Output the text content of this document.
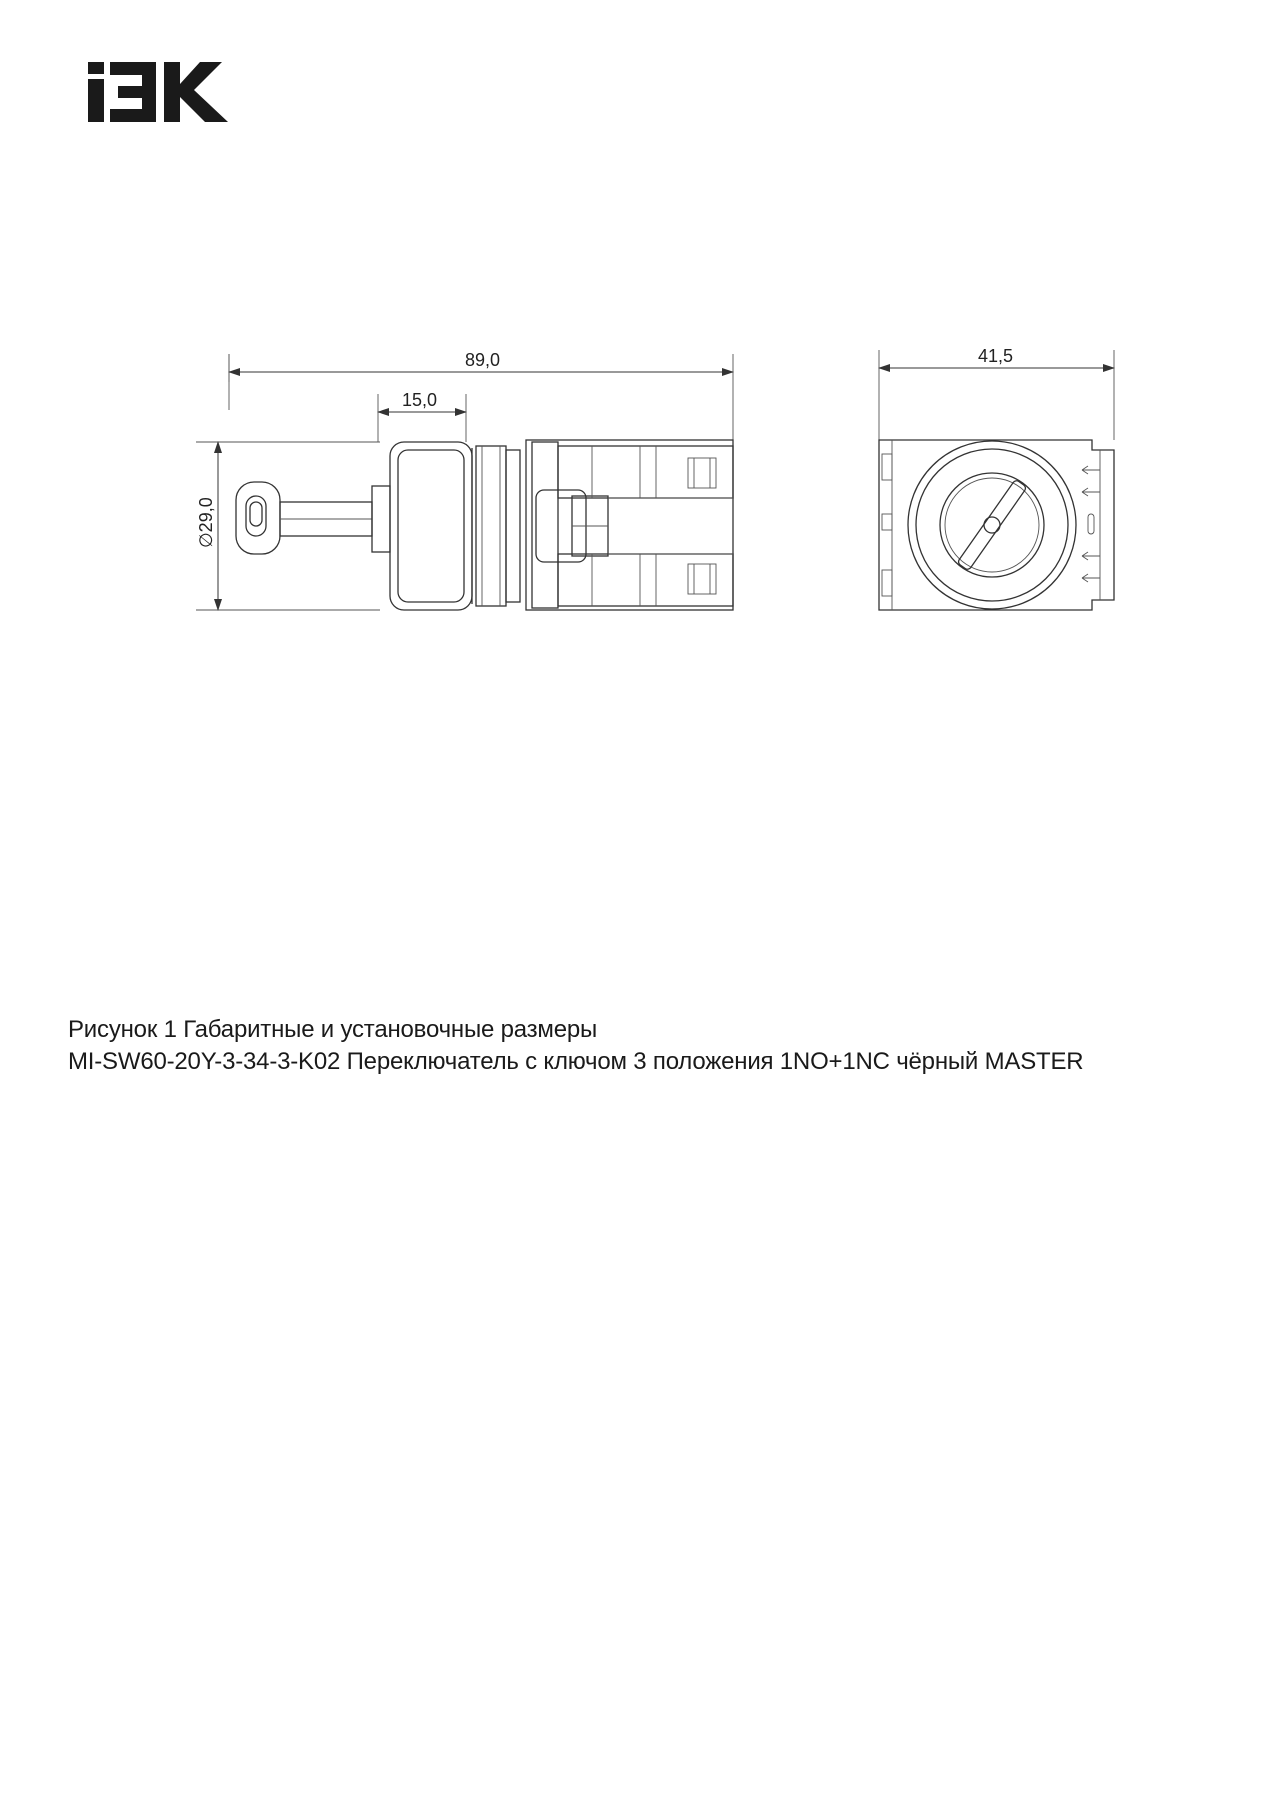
89,0
15,0
∅29,0
41,5
Рисунок 1 Габаритные и установочные размеры
MI-SW60-20Y-3-34-3-K02 Переключатель с ключом 3 положения 1NO+1NC чёрный MASTER
